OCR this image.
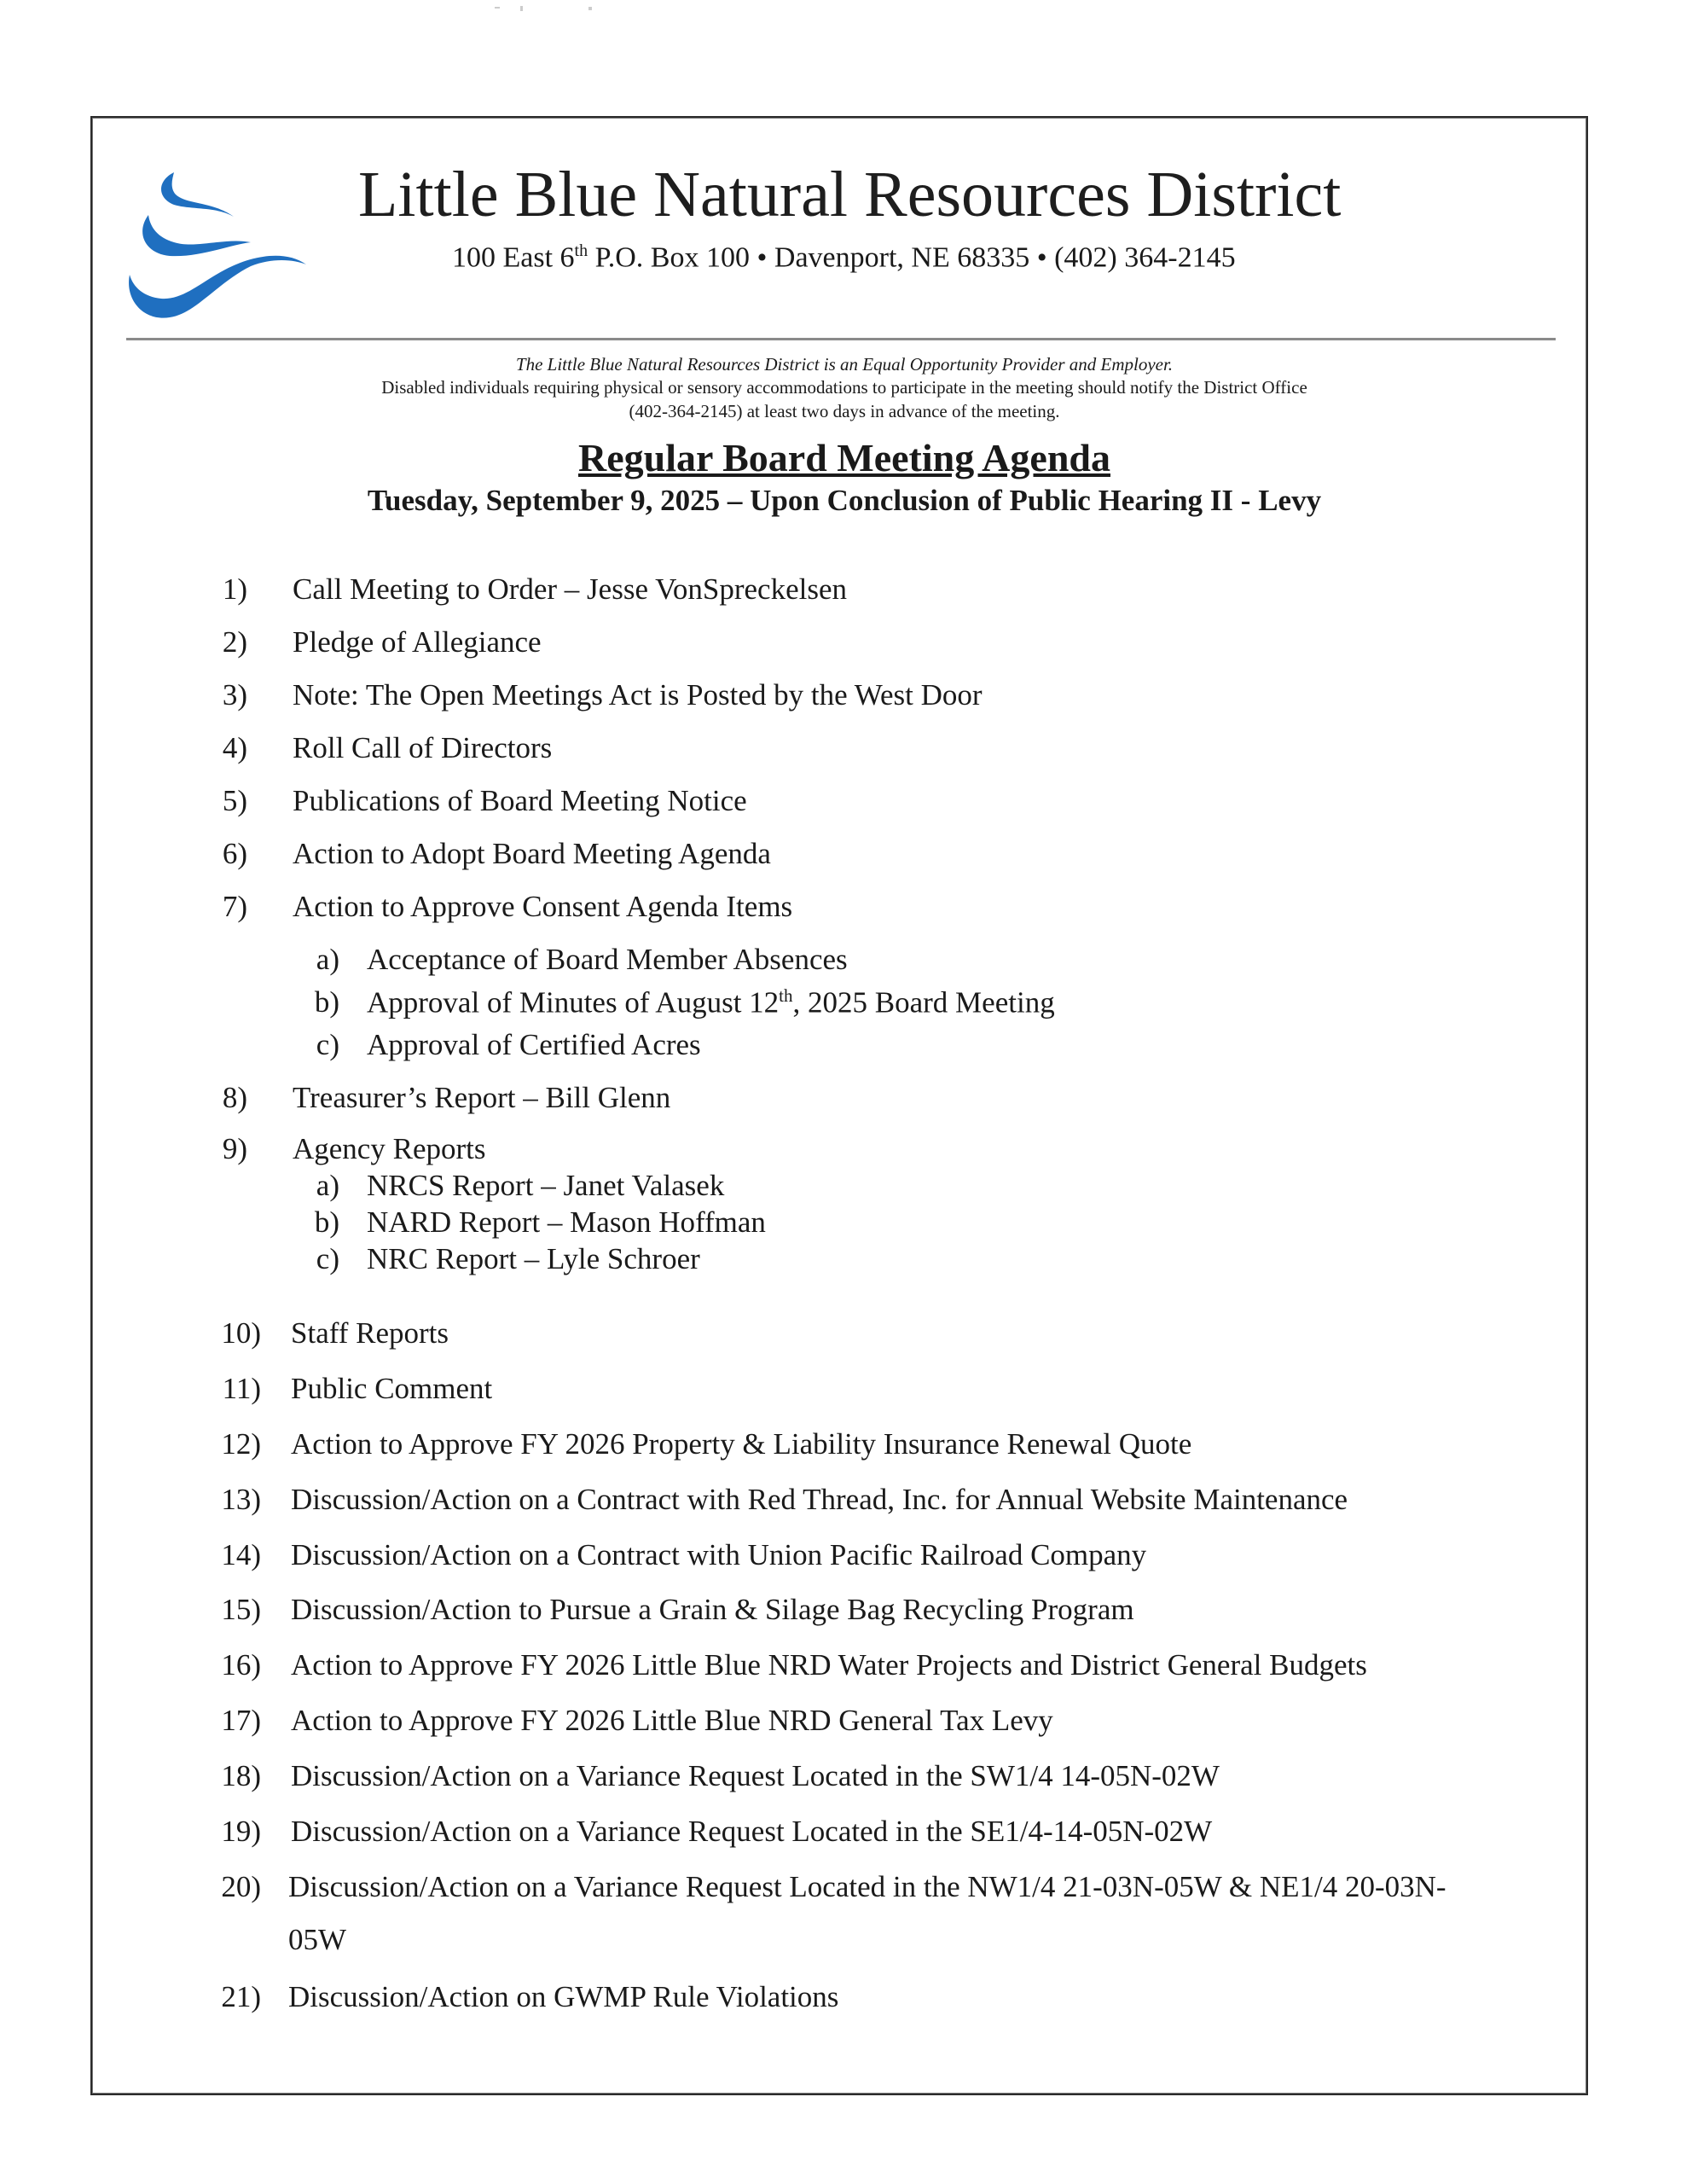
Little Blue Natural Resources District
100 East 6th P.O. Box 100 • Davenport, NE 68335 • (402) 364-2145
The Little Blue Natural Resources District is an Equal Opportunity Provider and Employer.
Disabled individuals requiring physical or sensory accommodations to participate in the meeting should notify the District Office
(402-364-2145) at least two days in advance of the meeting.
Regular Board Meeting Agenda
Tuesday, September 9, 2025 – Upon Conclusion of Public Hearing II - Levy
1) Call Meeting to Order – Jesse VonSpreckelsen
2) Pledge of Allegiance
3) Note: The Open Meetings Act is Posted by the West Door
4) Roll Call of Directors
5) Publications of Board Meeting Notice
6) Action to Adopt Board Meeting Agenda
7) Action to Approve Consent Agenda Items
a) Acceptance of Board Member Absences
b) Approval of Minutes of August 12th, 2025 Board Meeting
c) Approval of Certified Acres
8) Treasurer’s Report – Bill Glenn
9) Agency Reports
a) NRCS Report – Janet Valasek
b) NARD Report – Mason Hoffman
c) NRC Report – Lyle Schroer
10) Staff Reports
11) Public Comment
12) Action to Approve FY 2026 Property & Liability Insurance Renewal Quote
13) Discussion/Action on a Contract with Red Thread, Inc. for Annual Website Maintenance
14) Discussion/Action on a Contract with Union Pacific Railroad Company
15) Discussion/Action to Pursue a Grain & Silage Bag Recycling Program
16) Action to Approve FY 2026 Little Blue NRD Water Projects and District General Budgets
17) Action to Approve FY 2026 Little Blue NRD General Tax Levy
18) Discussion/Action on a Variance Request Located in the SW1/4 14-05N-02W
19) Discussion/Action on a Variance Request Located in the SE1/4-14-05N-02W
20) Discussion/Action on a Variance Request Located in the NW1/4 21-03N-05W & NE1/4 20-03N-
05W
21) Discussion/Action on GWMP Rule Violations
